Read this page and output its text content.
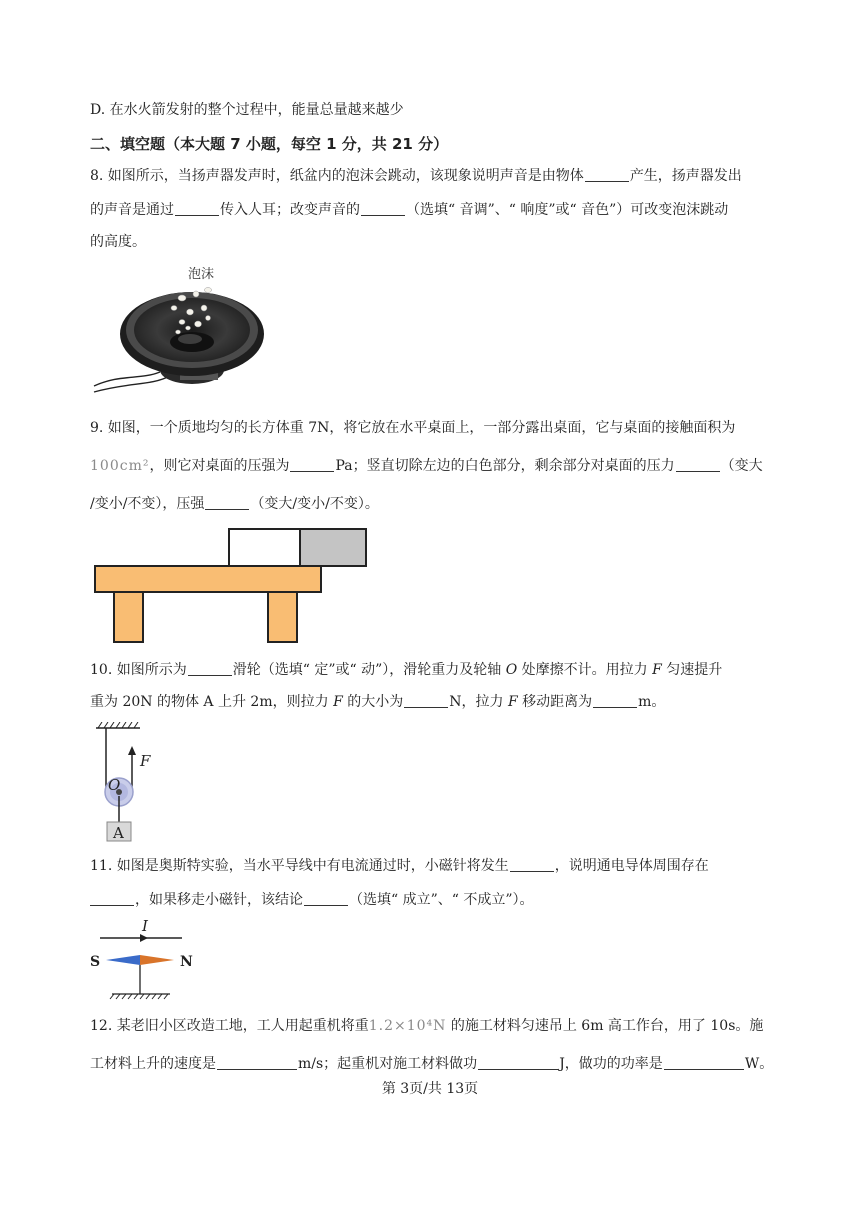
D. 在水火箭发射的整个过程中，能量总量越来越少
二、填空题（本大题 7 小题，每空 1 分，共 21 分）
8. 如图所示，当扬声器发声时，纸盆内的泡沫会跳动，该现象说明声音是由物体	产生，扬声器发出
的声音是通过	传入人耳；改变声音的	（选填“ 音调”、“ 响度”或“ 音色”）可改变泡沫跳动
的高度。
泡沫
9. 如图，一个质地均匀的长方体重 7N，将它放在水平桌面上，一部分露出桌面，它与桌面的接触面积为
100cm²，则它对桌面的压强为	Pa；竖直切除左边的白色部分，剩余部分对桌面的压力	（变大
/变小/不变），压强	（变大/变小/不变）。
10. 如图所示为	滑轮（选填“ 定”或“ 动”），滑轮重力及轮轴 O 处摩擦不计。用拉力 F 匀速提升
重为 20N 的物体 A 上升 2m，则拉力 F 的大小为	N，拉力 F 移动距离为	m。
F
O
A
11. 如图是奥斯特实验，当水平导线中有电流通过时，小磁针将发生	，说明通电导体周围存在
，如果移走小磁针，该结论	（选填“ 成立”、“ 不成立”）。
I
S	N
12. 某老旧小区改造工地，工人用起重机将重1.2×10⁴N 的施工材料匀速吊上 6m 高工作台，用了 10s。施
工材料上升的速度是	m/s；起重机对施工材料做功	J，做功的功率是	W。
第 3页/共 13页
